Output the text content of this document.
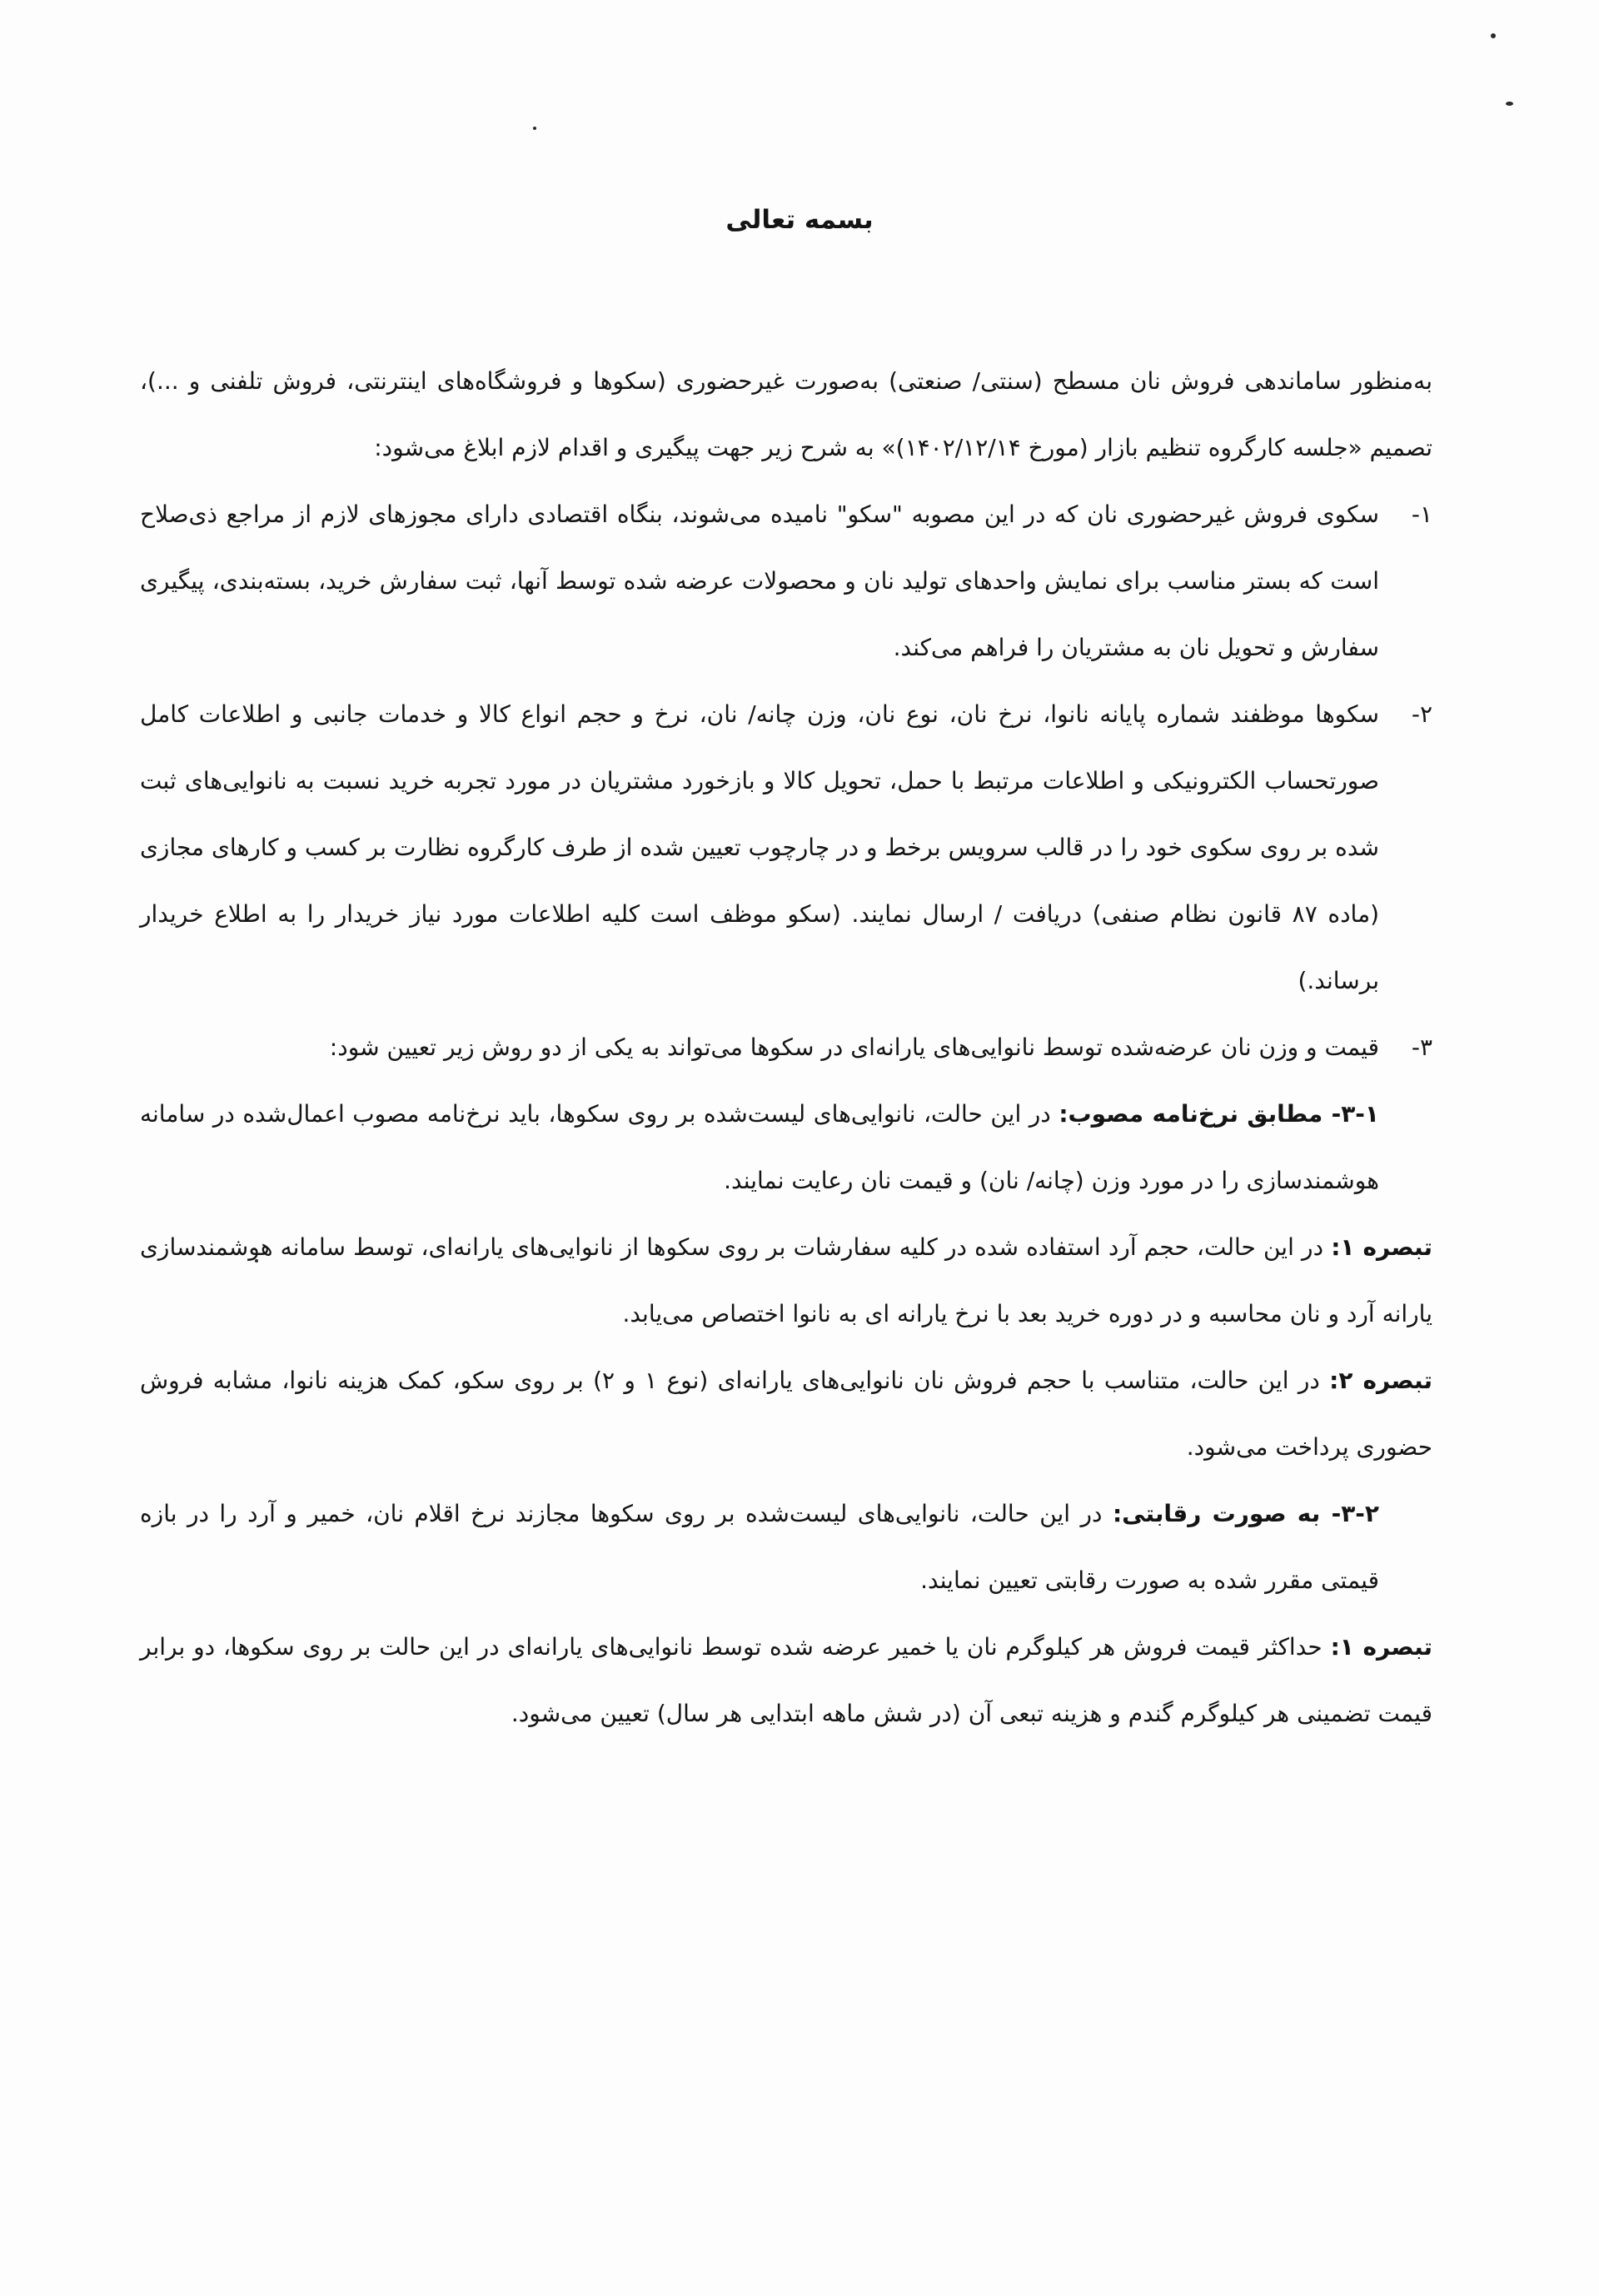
بسمه تعالی

به‌منظور ساماندهی فروش نان مسطح (سنتی/ صنعتی) به‌صورت غیرحضوری (سکوها و فروشگاه‌های اینترنتی، فروش تلفنی و ...)، تصمیم «جلسه کارگروه تنظیم بازار (مورخ ۱۴۰۲/۱۲/۱۴)» به شرح زیر جهت پیگیری و اقدام لازم ابلاغ می‌شود:

۱-
سکوی فروش غیرحضوری نان که در این مصوبه "سکو" نامیده می‌شوند، بنگاه اقتصادی دارای مجوزهای لازم از مراجع ذی‌صلاح است که بستر مناسب برای نمایش واحدهای تولید نان و محصولات عرضه شده توسط آنها، ثبت سفارش خرید، بسته‌بندی، پیگیری سفارش و تحویل نان به مشتریان را فراهم می‌کند.

۲-
سکوها موظفند شماره پایانه نانوا، نرخ نان، نوع نان، وزن چانه/ نان، نرخ و حجم انواع کالا و خدمات جانبی و اطلاعات کامل صورتحساب الکترونیکی و اطلاعات مرتبط با حمل، تحویل کالا و بازخورد مشتریان در مورد تجربه خرید نسبت به نانوایی‌های ثبت شده بر روی سکوی خود را در قالب سرویس برخط و در چارچوب تعیین شده از طرف کارگروه نظارت بر کسب و کارهای مجازی (ماده ۸۷ قانون نظام صنفی) دریافت / ارسال نمایند. (سکو موظف است کلیه اطلاعات مورد نیاز خریدار را به اطلاع خریدار برساند.)

۳-
قیمت و وزن نان عرضه‌شده توسط نانوایی‌های یارانه‌ای در سکوها می‌تواند به یکی از دو روش زیر تعیین شود:

۳-۱- مطابق نرخ‌نامه مصوب: در این حالت، نانوایی‌های لیست‌شده بر روی سکوها، باید نرخ‌نامه مصوب اعمال‌شده در سامانه هوشمندسازی را در مورد وزن (چانه/ نان) و قیمت نان رعایت نمایند.

تبصره ۱: در این حالت، حجم آرد استفاده شده در کلیه سفارشات بر روی سکوها از نانوایی‌های یارانه‌ای، توسط سامانه هوشمندسازی یارانه آرد و نان محاسبه و در دوره خرید بعد با نرخ یارانه ای به نانوا اختصاص می‌یابد.

تبصره ۲: در این حالت، متناسب با حجم فروش نان نانوایی‌های یارانه‌ای (نوع ۱ و ۲) بر روی سکو، کمک هزینه نانوا، مشابه فروش حضوری پرداخت می‌شود.

۳-۲- به صورت رقابتی: در این حالت، نانوایی‌های لیست‌شده بر روی سکوها مجازند نرخ اقلام نان، خمیر و آرد را در بازه قیمتی مقرر شده به صورت رقابتی تعیین نمایند.

تبصره ۱: حداکثر قیمت فروش هر کیلوگرم نان یا خمیر عرضه شده توسط نانوایی‌های یارانه‌ای در این حالت بر روی سکوها، دو برابر قیمت تضمینی هر کیلوگرم گندم و هزینه تبعی آن (در شش ماهه ابتدایی هر سال) تعیین می‌شود.
